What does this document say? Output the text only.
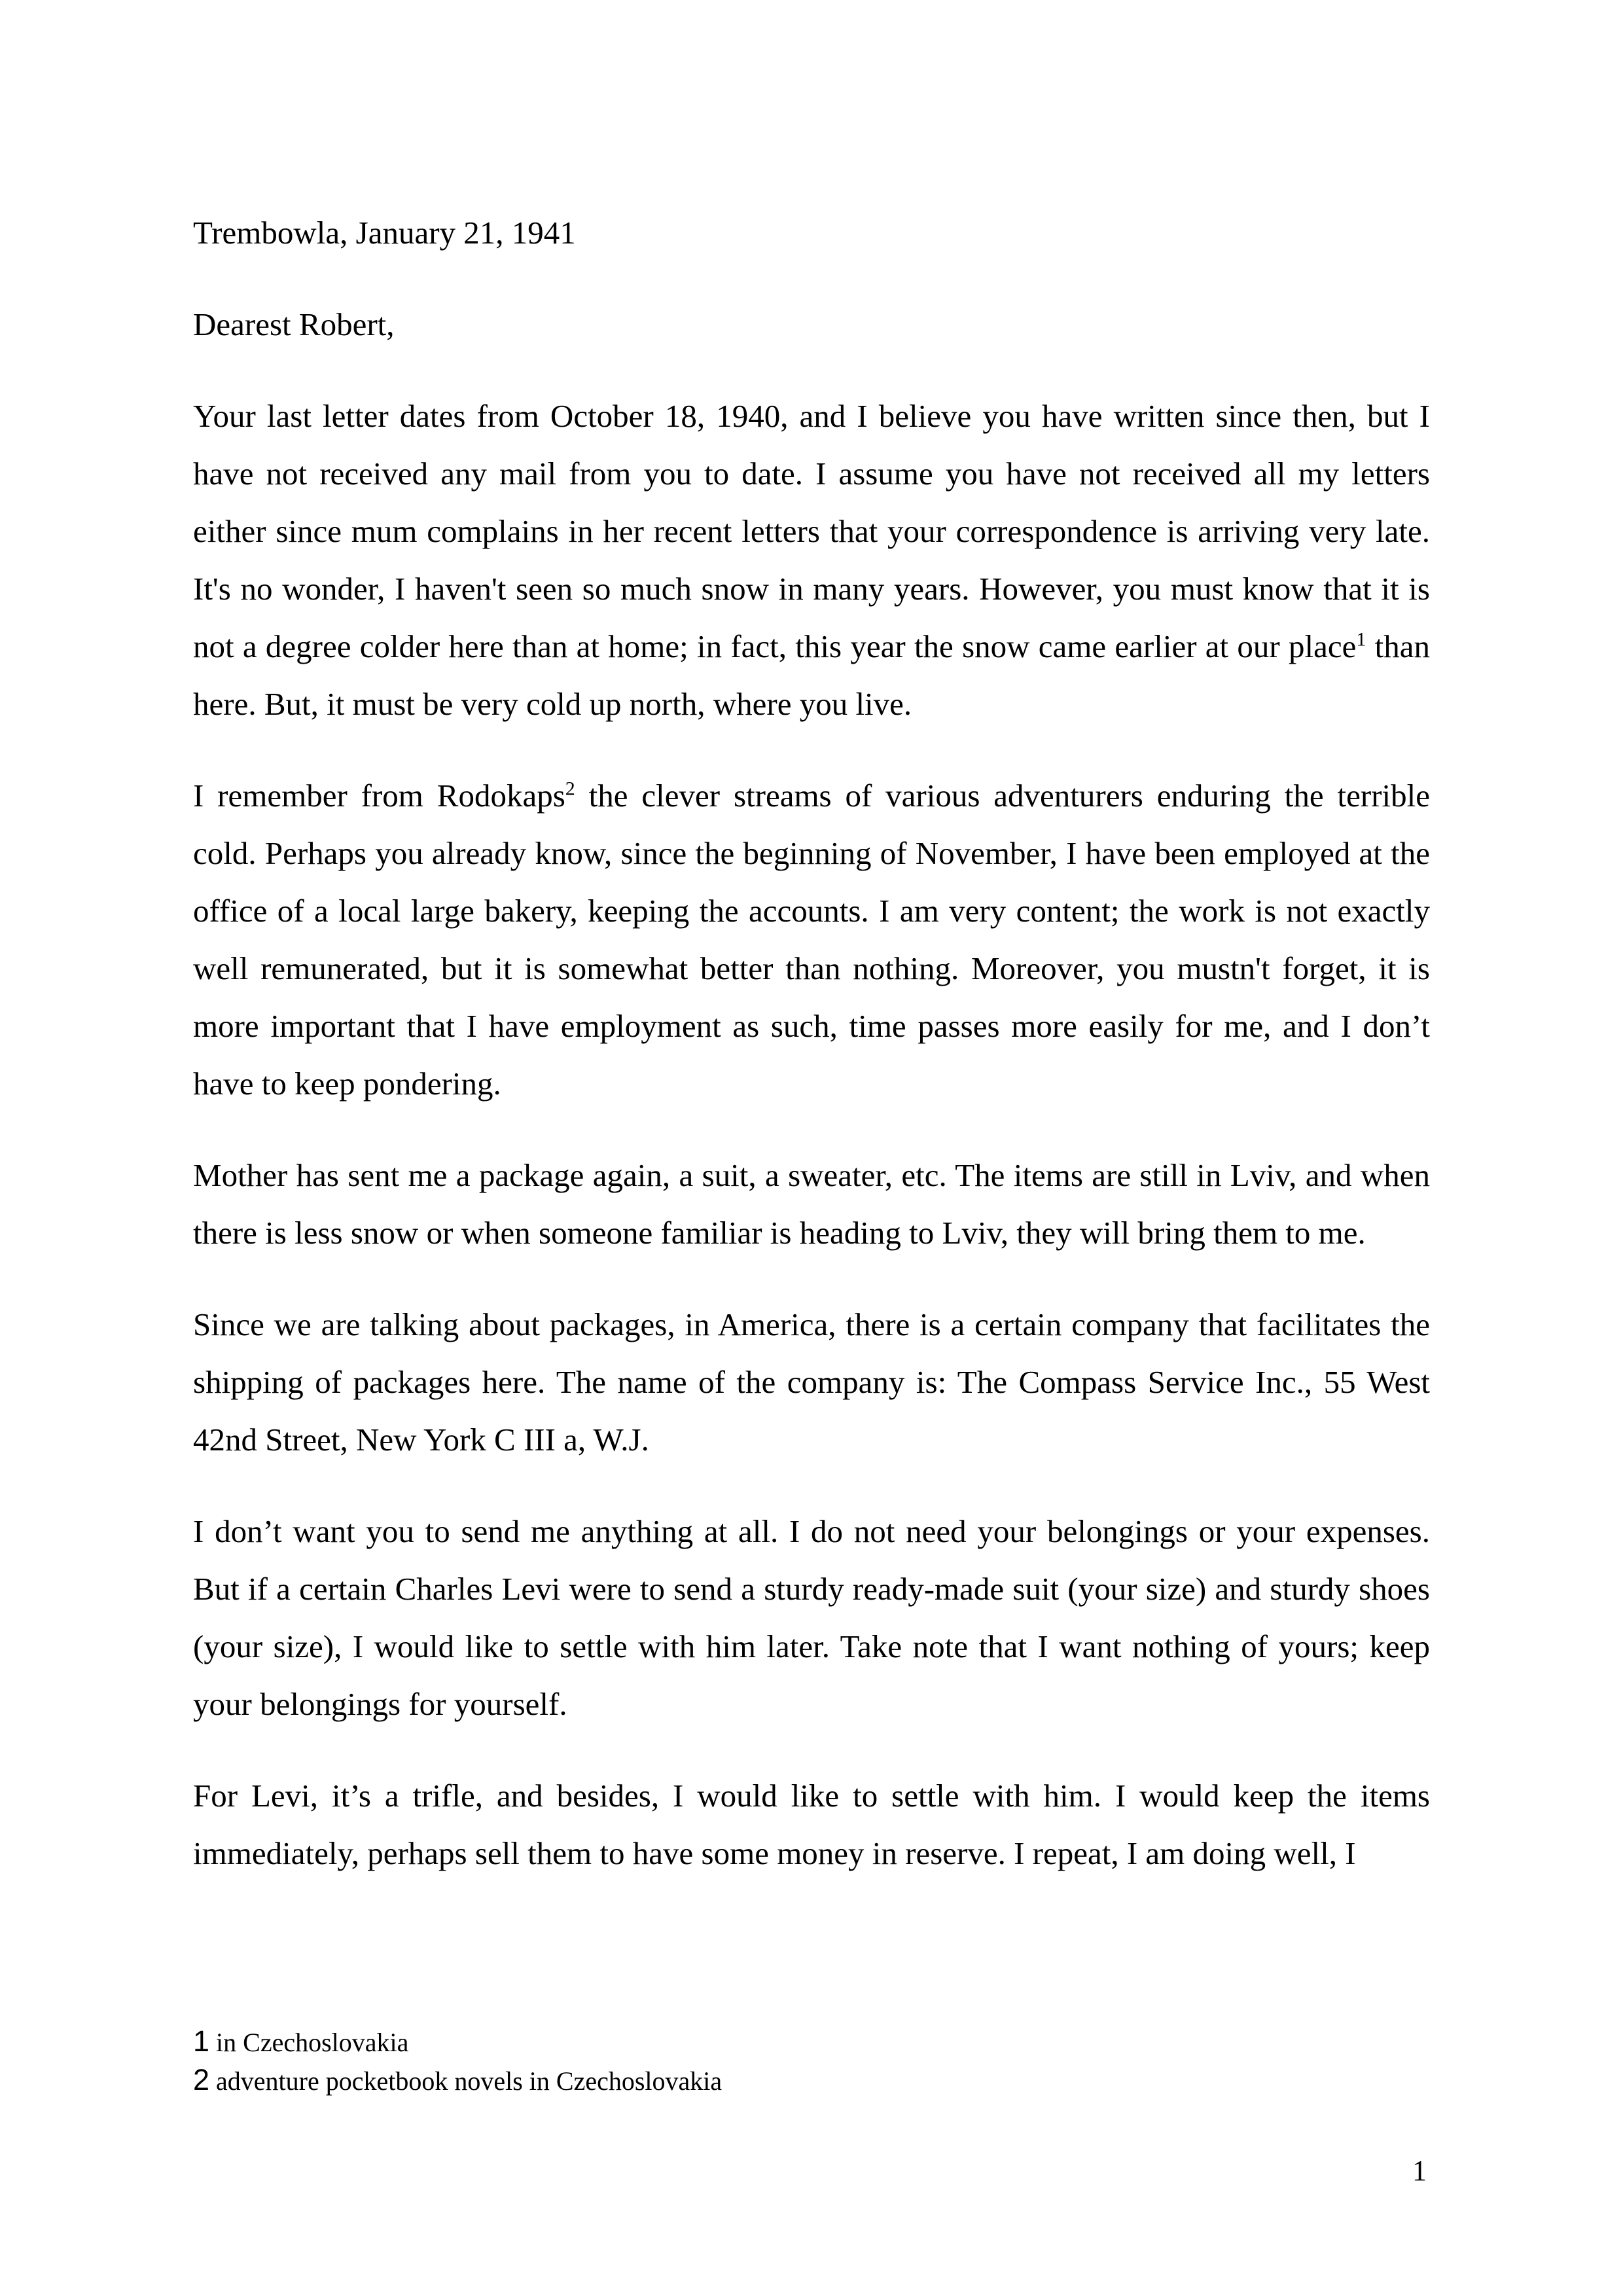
Trembowla, January 21, 1941
Dearest Robert,

Your last letter dates from October 18, 1940, and I believe you have written since then, but I have not received any mail from you to date. I assume you have not received all my letters either since mum complains in her recent letters that your correspondence is arriving very late. It's no wonder, I haven't seen so much snow in many years. However, you must know that it is not a degree colder here than at home; in fact, this year the snow came earlier at our place$^1$ than here. But, it must be very cold up north, where you live.

I remember from Rodokaps$^2$ the clever streams of various adventurers enduring the terrible cold. Perhaps you already know, since the beginning of November, I have been employed at the office of a local large bakery, keeping the accounts. I am very content; the work is not exactly well remunerated, but it is somewhat better than nothing. Moreover, you mustn't forget, it is more important that I have employment as such, time passes more easily for me, and I don’t have to keep pondering.

Mother has sent me a package again, a suit, a sweater, etc. The items are still in Lviv, and when there is less snow or when someone familiar is heading to Lviv, they will bring them to me.

Since we are talking about packages, in America, there is a certain company that facilitates the shipping of packages here. The name of the company is: The Compass Service Inc., 55 West 42nd Street, New York C III a, W.J.

I don’t want you to send me anything at all. I do not need your belongings or your expenses. But if a certain Charles Levi were to send a sturdy ready-made suit (your size) and sturdy shoes (your size), I would like to settle with him later. Take note that I want nothing of yours; keep your belongings for yourself.

For Levi, it’s a trifle, and besides, I would like to settle with him. I would keep the items immediately, perhaps sell them to have some money in reserve. I repeat, I am doing well, I

1 in Czechoslovakia
2 adventure pocketbook novels in Czechoslovakia
1
